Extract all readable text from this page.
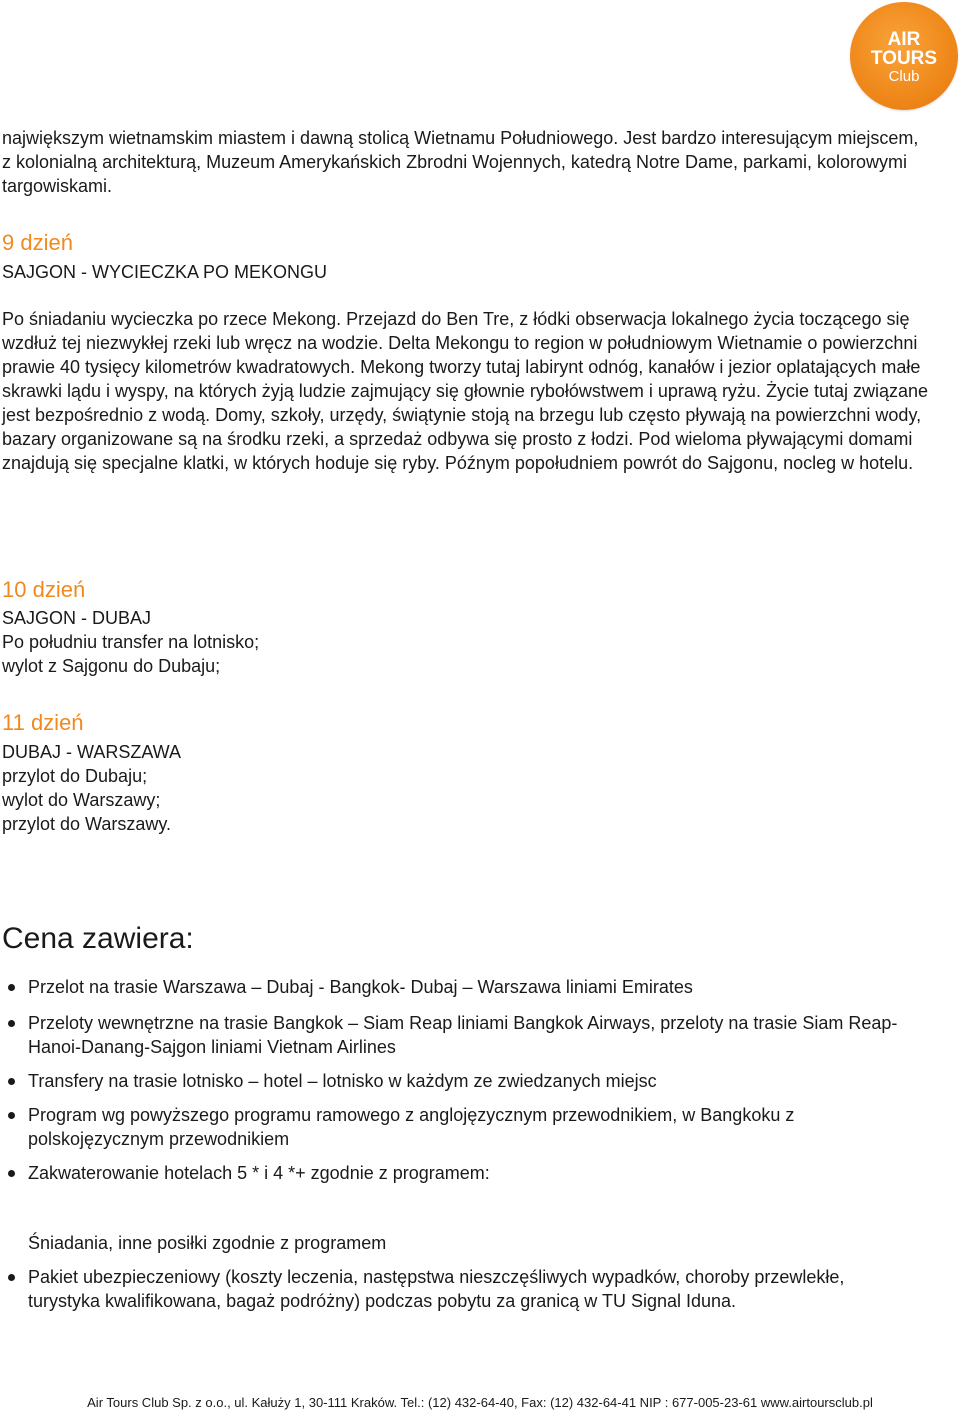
AIR
TOURS
Club

największym wietnamskim miastem i dawną stolicą Wietnamu Południowego. Jest bardzo interesującym miejscem, z kolonialną architekturą, Muzeum Amerykańskich Zbrodni Wojennych, katedrą Notre Dame, parkami, kolorowymi targowiskami.

9 dzień
SAJGON - WYCIECZKA PO MEKONGU

Po śniadaniu wycieczka po rzece Mekong. Przejazd do Ben Tre, z łódki obserwacja lokalnego życia toczącego się wzdłuż tej niezwykłej rzeki lub wręcz na wodzie. Delta Mekongu to region w południowym Wietnamie o powierzchni prawie 40 tysięcy kilometrów kwadratowych. Mekong tworzy tutaj labirynt odnóg, kanałów i jezior oplatających małe skrawki lądu i wyspy, na których żyją ludzie zajmujący się głownie rybołówstwem i uprawą ryżu. Życie tutaj związane jest bezpośrednio z wodą. Domy, szkoły, urzędy, świątynie stoją na brzegu lub często pływają na powierzchni wody, bazary organizowane są na środku rzeki, a sprzedaż odbywa się prosto z łodzi. Pod wieloma pływającymi domami znajdują się specjalne klatki, w których hoduje się ryby. Późnym popołudniem powrót do Sajgonu, nocleg w hotelu.

10 dzień
SAJGON - DUBAJ
Po południu transfer na lotnisko;
wylot z Sajgonu do Dubaju;
11 dzień
DUBAJ - WARSZAWA
przylot do Dubaju;
wylot do Warszawy;
przylot do Warszawy.
Cena zawiera:
Przelot na trasie Warszawa – Dubaj - Bangkok- Dubaj – Warszawa liniami Emirates
Przeloty wewnętrzne na trasie Bangkok – Siam Reap liniami Bangkok Airways, przeloty na trasie Siam Reap-Hanoi-Danang-Sajgon liniami Vietnam Airlines
Transfery na trasie lotnisko – hotel – lotnisko w każdym ze zwiedzanych miejsc
Program wg powyższego programu ramowego z anglojęzycznym przewodnikiem, w Bangkoku z polskojęzycznym przewodnikiem
Zakwaterowanie hotelach 5 * i 4 *+ zgodnie z programem:
Śniadania, inne posiłki zgodnie z programem
Pakiet ubezpieczeniowy (koszty leczenia, następstwa nieszczęśliwych wypadków, choroby przewlekłe, turystyka kwalifikowana, bagaż podróżny) podczas pobytu za granicą w TU Signal Iduna.
Air Tours Club Sp. z o.o., ul. Kałuży 1, 30-111 Kraków. Tel.: (12) 432-64-40, Fax: (12) 432-64-41 NIP : 677-005-23-61 www.airtoursclub.pl
